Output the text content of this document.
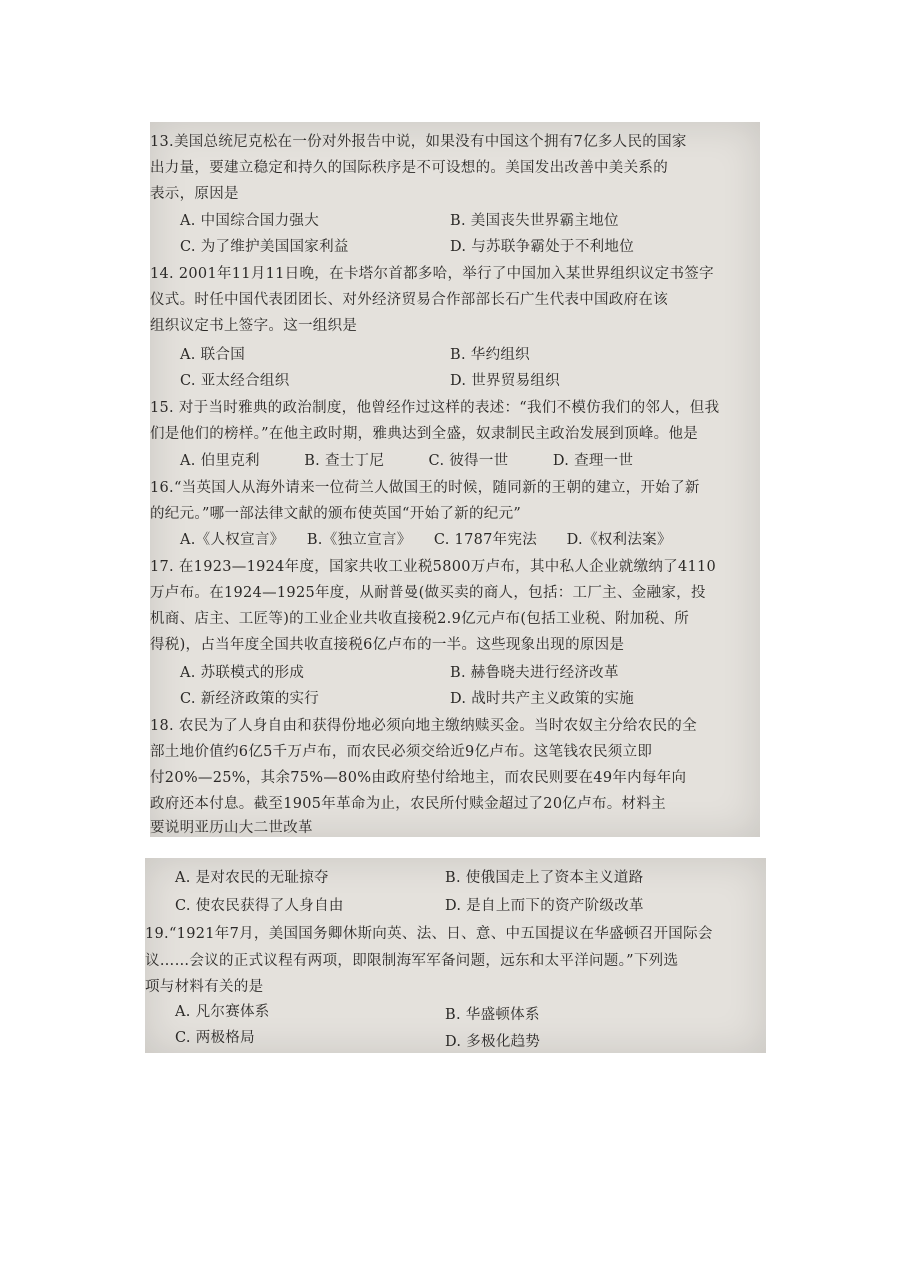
13.美国总统尼克松在一份对外报告中说，如果没有中国这个拥有7亿多人民的国家
出力量，要建立稳定和持久的国际秩序是不可设想的。美国发出改善中美关系的
表示，原因是
A. 中国综合国力强大	B. 美国丧失世界霸主地位
C. 为了维护美国国家利益	D. 与苏联争霸处于不利地位
14. 2001年11月11日晚，在卡塔尔首都多哈，举行了中国加入某世界组织议定书签字
仪式。时任中国代表团团长、对外经济贸易合作部部长石广生代表中国政府在该
组织议定书上签字。这一组织是
A. 联合国	B. 华约组织
C. 亚太经合组织	D. 世界贸易组织
15. 对于当时雅典的政治制度，他曾经作过这样的表述：“我们不模仿我们的邻人，但我
们是他们的榜样。”在他主政时期，雅典达到全盛，奴隶制民主政治发展到顶峰。他是
A. 伯里克利　　　B. 查士丁尼　　　C. 彼得一世　　　D. 查理一世
16.“当英国人从海外请来一位荷兰人做国王的时候，随同新的王朝的建立，开始了新
的纪元。”哪一部法律文献的颁布使英国“开始了新的纪元”
A.《人权宣言》　　B.《独立宣言》　　C. 1787年宪法　　D.《权利法案》
17. 在1923—1924年度，国家共收工业税5800万卢布，其中私人企业就缴纳了4110
万卢布。在1924—1925年度，从耐普曼(做买卖的商人，包括：工厂主、金融家，投
机商、店主、工匠等)的工业企业共收直接税2.9亿元卢布(包括工业税、附加税、所
得税)，占当年度全国共收直接税6亿卢布的一半。这些现象出现的原因是
A. 苏联模式的形成	B. 赫鲁晓夫进行经济改革
C. 新经济政策的实行	D. 战时共产主义政策的实施
18. 农民为了人身自由和获得份地必须向地主缴纳赎买金。当时农奴主分给农民的全
部土地价值约6亿5千万卢布，而农民必须交给近9亿卢布。这笔钱农民须立即
付20%—25%，其余75%—80%由政府垫付给地主，而农民则要在49年内每年向
政府还本付息。截至1905年革命为止，农民所付赎金超过了20亿卢布。材料主
要说明亚历山大二世改革
A. 是对农民的无耻掠夺	B. 使俄国走上了资本主义道路
C. 使农民获得了人身自由	D. 是自上而下的资产阶级改革
19.“1921年7月，美国国务卿休斯向英、法、日、意、中五国提议在华盛顿召开国际会
议……会议的正式议程有两项，即限制海军军备问题，远东和太平洋问题。”下列选
项与材料有关的是
A. 凡尔赛体系	B. 华盛顿体系
C. 两极格局	D. 多极化趋势
